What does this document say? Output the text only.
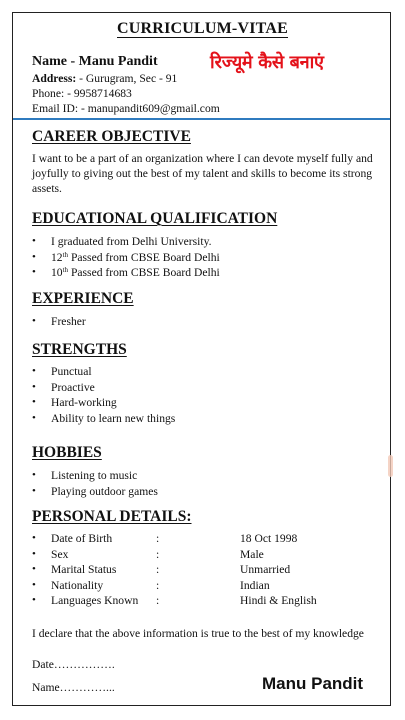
CURRICULUM-VITAE
रिज्यूमे कैसे बनाएं
Name - Manu Pandit
Address: - Gurugram, Sec - 91
Phone: - 9958714683
Email ID: - manupandit609@gmail.com
CAREER OBJECTIVE
I want to be a part of an organization where I can devote myself fully and joyfully to giving out the best of my talent and skills to become its strong assets.
EDUCATIONAL QUALIFICATION
• I graduated from Delhi University.
• 12th Passed from CBSE Board Delhi
• 10th Passed from CBSE Board Delhi
EXPERIENCE
• Fresher
STRENGTHS
• Punctual
• Proactive
• Hard-working
• Ability to learn new things
HOBBIES
• Listening to music
• Playing outdoor games
PERSONAL DETAILS:
• Date of Birth	:	18 Oct 1998
• Sex	:	Male
• Marital Status	:	Unmarried
• Nationality	:	Indian
• Languages Known :	Hindi & English
I declare that the above information is true to the best of my knowledge
Date…………….
Name…………...	Manu Pandit
